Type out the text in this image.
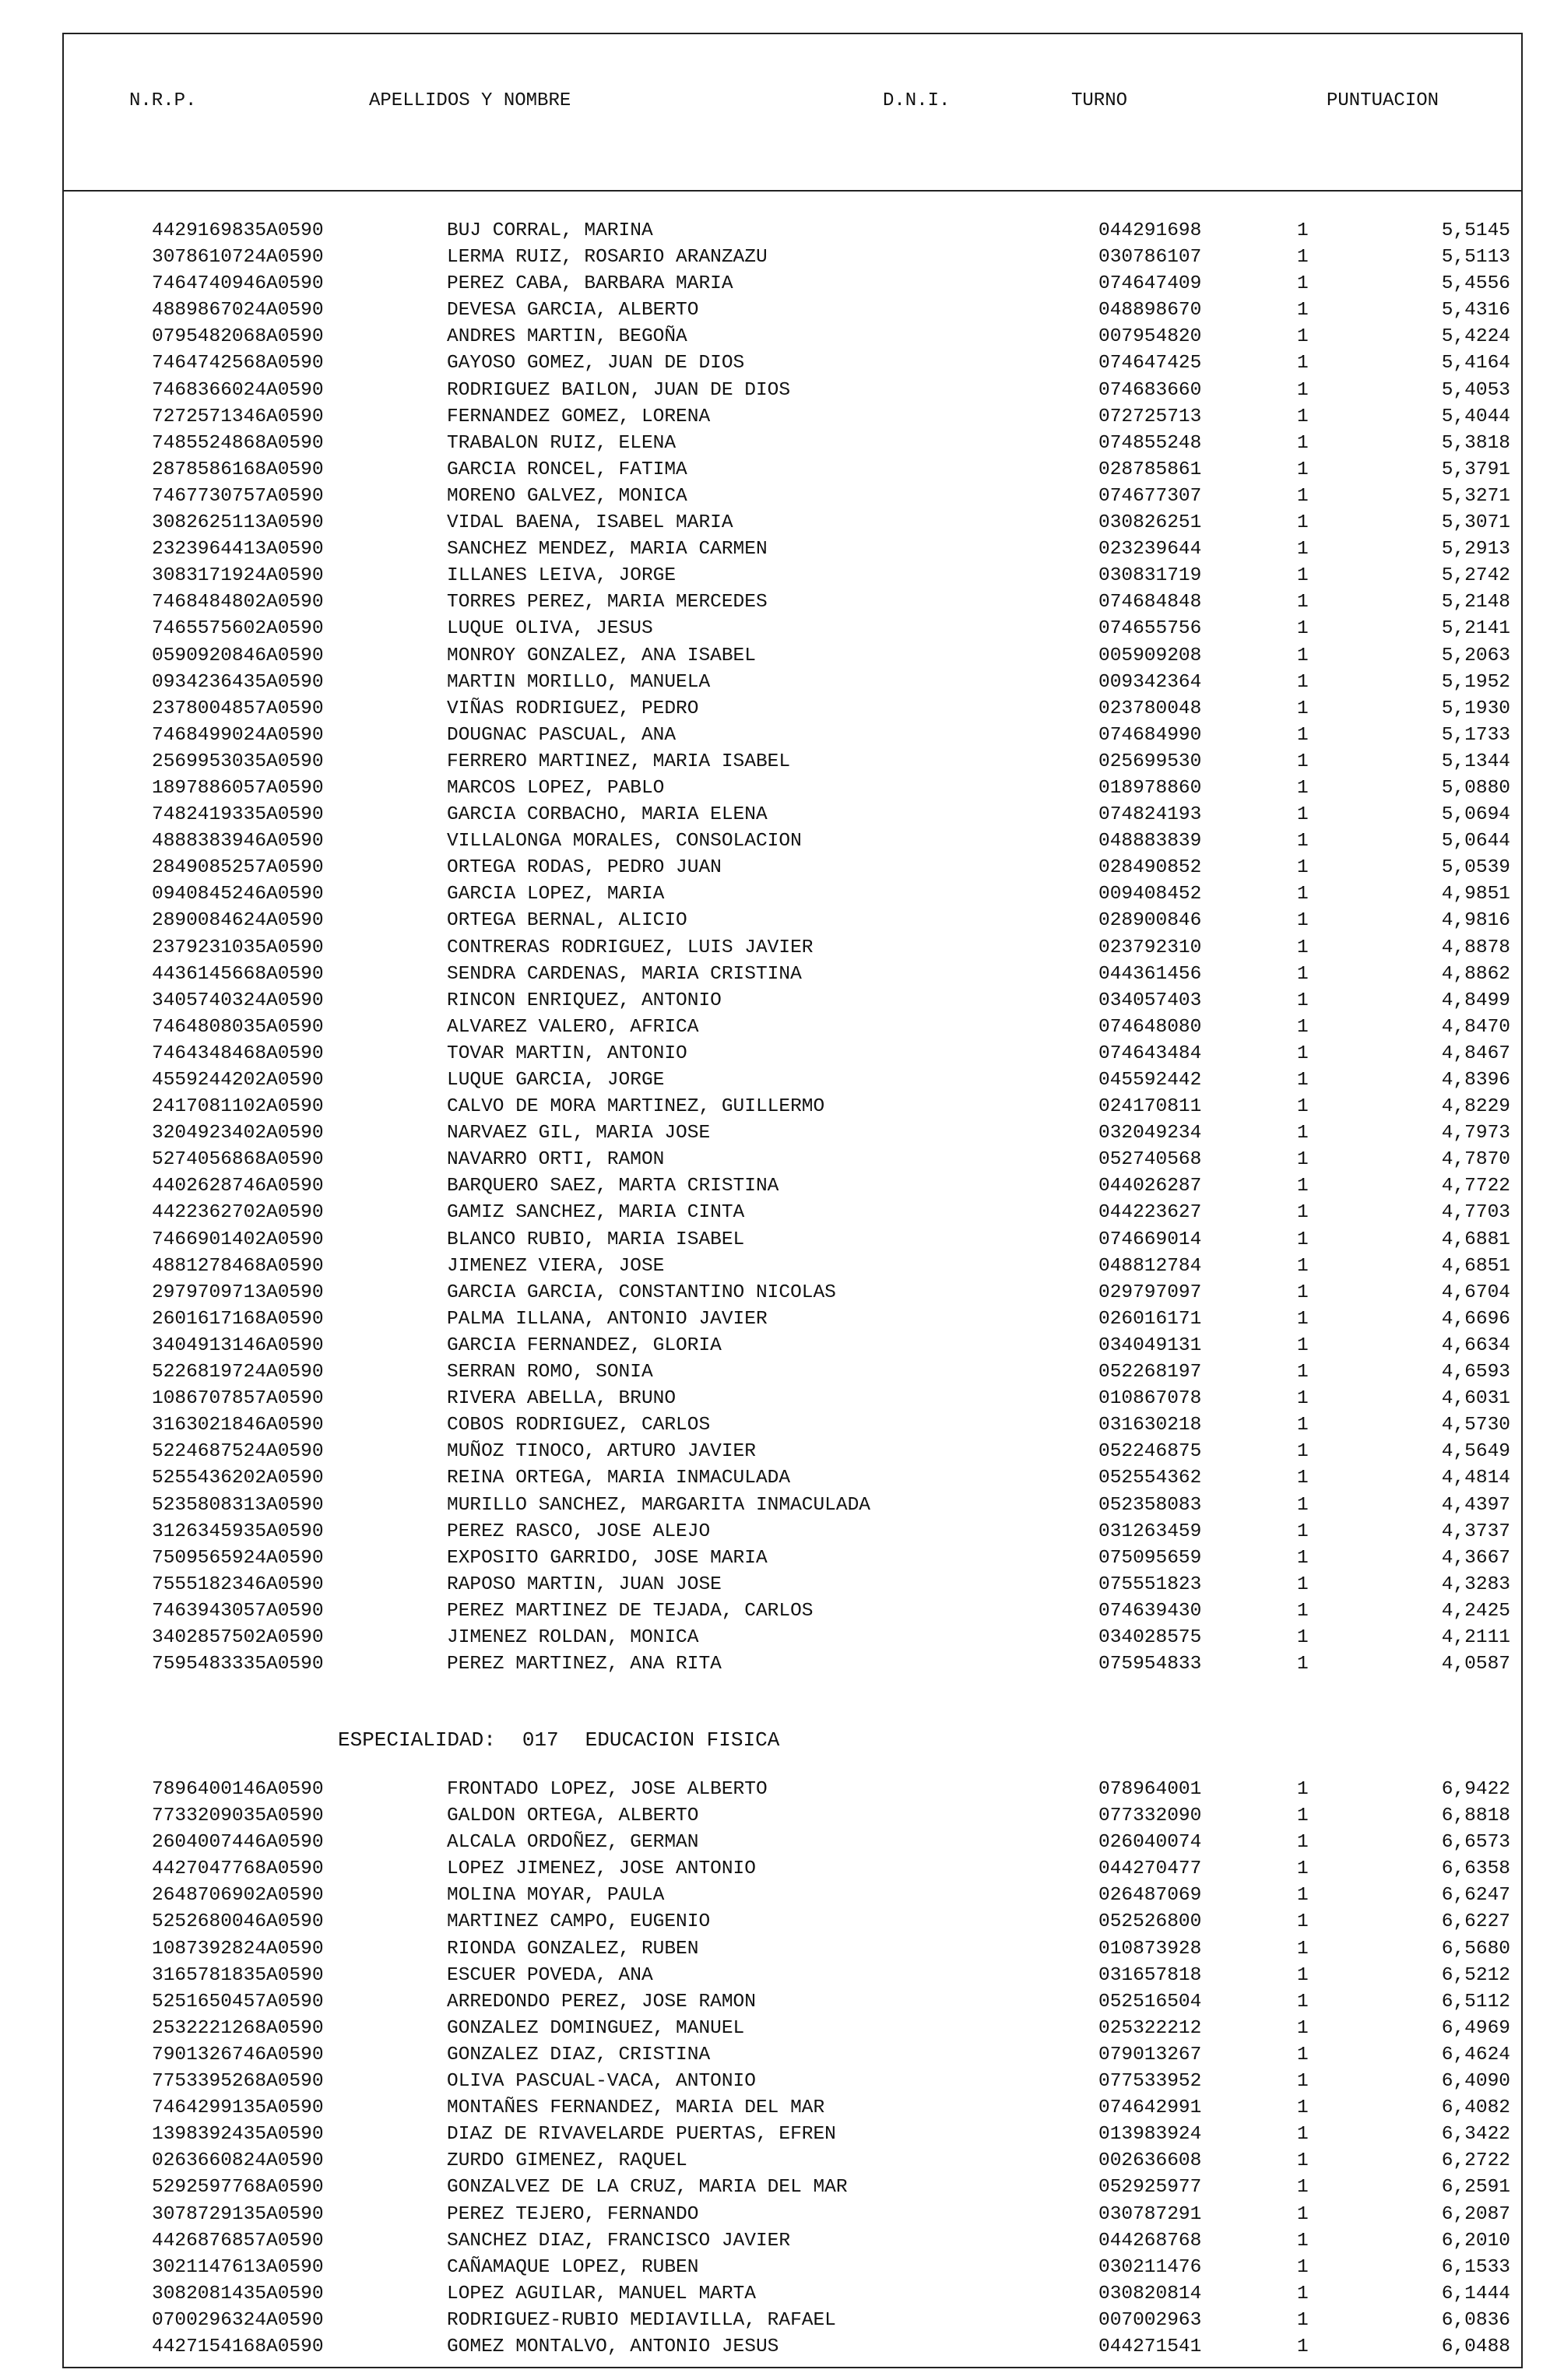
N.R.P.	APELLIDOS Y NOMBRE	D.N.I.	TURNO	PUNTUACION
4429169835A0590	BUJ CORRAL, MARINA	044291698	1	5,5145
3078610724A0590	LERMA RUIZ, ROSARIO ARANZAZU	030786107	1	5,5113
7464740946A0590	PEREZ CABA, BARBARA MARIA	074647409	1	5,4556
4889867024A0590	DEVESA GARCIA, ALBERTO	048898670	1	5,4316
0795482068A0590	ANDRES MARTIN, BEGOÑA	007954820	1	5,4224
7464742568A0590	GAYOSO GOMEZ, JUAN DE DIOS	074647425	1	5,4164
7468366024A0590	RODRIGUEZ BAILON, JUAN DE DIOS	074683660	1	5,4053
7272571346A0590	FERNANDEZ GOMEZ, LORENA	072725713	1	5,4044
7485524868A0590	TRABALON RUIZ, ELENA	074855248	1	5,3818
2878586168A0590	GARCIA RONCEL, FATIMA	028785861	1	5,3791
7467730757A0590	MORENO GALVEZ, MONICA	074677307	1	5,3271
3082625113A0590	VIDAL BAENA, ISABEL MARIA	030826251	1	5,3071
2323964413A0590	SANCHEZ MENDEZ, MARIA CARMEN	023239644	1	5,2913
3083171924A0590	ILLANES LEIVA, JORGE	030831719	1	5,2742
7468484802A0590	TORRES PEREZ, MARIA MERCEDES	074684848	1	5,2148
7465575602A0590	LUQUE OLIVA, JESUS	074655756	1	5,2141
0590920846A0590	MONROY GONZALEZ, ANA ISABEL	005909208	1	5,2063
0934236435A0590	MARTIN MORILLO, MANUELA	009342364	1	5,1952
2378004857A0590	VIÑAS RODRIGUEZ, PEDRO	023780048	1	5,1930
7468499024A0590	DOUGNAC PASCUAL, ANA	074684990	1	5,1733
2569953035A0590	FERRERO MARTINEZ, MARIA ISABEL	025699530	1	5,1344
1897886057A0590	MARCOS LOPEZ, PABLO	018978860	1	5,0880
7482419335A0590	GARCIA CORBACHO, MARIA ELENA	074824193	1	5,0694
4888383946A0590	VILLALONGA MORALES, CONSOLACION	048883839	1	5,0644
2849085257A0590	ORTEGA RODAS, PEDRO JUAN	028490852	1	5,0539
0940845246A0590	GARCIA LOPEZ, MARIA	009408452	1	4,9851
2890084624A0590	ORTEGA BERNAL, ALICIO	028900846	1	4,9816
2379231035A0590	CONTRERAS RODRIGUEZ, LUIS JAVIER	023792310	1	4,8878
4436145668A0590	SENDRA CARDENAS, MARIA CRISTINA	044361456	1	4,8862
3405740324A0590	RINCON ENRIQUEZ, ANTONIO	034057403	1	4,8499
7464808035A0590	ALVAREZ VALERO, AFRICA	074648080	1	4,8470
7464348468A0590	TOVAR MARTIN, ANTONIO	074643484	1	4,8467
4559244202A0590	LUQUE GARCIA, JORGE	045592442	1	4,8396
2417081102A0590	CALVO DE MORA MARTINEZ, GUILLERMO	024170811	1	4,8229
3204923402A0590	NARVAEZ GIL, MARIA JOSE	032049234	1	4,7973
5274056868A0590	NAVARRO ORTI, RAMON	052740568	1	4,7870
4402628746A0590	BARQUERO SAEZ, MARTA CRISTINA	044026287	1	4,7722
4422362702A0590	GAMIZ SANCHEZ, MARIA CINTA	044223627	1	4,7703
7466901402A0590	BLANCO RUBIO, MARIA ISABEL	074669014	1	4,6881
4881278468A0590	JIMENEZ VIERA, JOSE	048812784	1	4,6851
2979709713A0590	GARCIA GARCIA, CONSTANTINO NICOLAS	029797097	1	4,6704
2601617168A0590	PALMA ILLANA, ANTONIO JAVIER	026016171	1	4,6696
3404913146A0590	GARCIA FERNANDEZ, GLORIA	034049131	1	4,6634
5226819724A0590	SERRAN ROMO, SONIA	052268197	1	4,6593
1086707857A0590	RIVERA ABELLA, BRUNO	010867078	1	4,6031
3163021846A0590	COBOS RODRIGUEZ, CARLOS	031630218	1	4,5730
5224687524A0590	MUÑOZ TINOCO, ARTURO JAVIER	052246875	1	4,5649
5255436202A0590	REINA ORTEGA, MARIA INMACULADA	052554362	1	4,4814
5235808313A0590	MURILLO SANCHEZ, MARGARITA INMACULADA	052358083	1	4,4397
3126345935A0590	PEREZ RASCO, JOSE ALEJO	031263459	1	4,3737
7509565924A0590	EXPOSITO GARRIDO, JOSE MARIA	075095659	1	4,3667
7555182346A0590	RAPOSO MARTIN, JUAN JOSE	075551823	1	4,3283
7463943057A0590	PEREZ MARTINEZ DE TEJADA, CARLOS	074639430	1	4,2425
3402857502A0590	JIMENEZ ROLDAN, MONICA	034028575	1	4,2111
7595483335A0590	PEREZ MARTINEZ, ANA RITA	075954833	1	4,0587
ESPECIALIDAD: 017 EDUCACION FISICA
7896400146A0590	FRONTADO LOPEZ, JOSE ALBERTO	078964001	1	6,9422
7733209035A0590	GALDON ORTEGA, ALBERTO	077332090	1	6,8818
2604007446A0590	ALCALA ORDOÑEZ, GERMAN	026040074	1	6,6573
4427047768A0590	LOPEZ JIMENEZ, JOSE ANTONIO	044270477	1	6,6358
2648706902A0590	MOLINA MOYAR, PAULA	026487069	1	6,6247
5252680046A0590	MARTINEZ CAMPO, EUGENIO	052526800	1	6,6227
1087392824A0590	RIONDA GONZALEZ, RUBEN	010873928	1	6,5680
3165781835A0590	ESCUER POVEDA, ANA	031657818	1	6,5212
5251650457A0590	ARREDONDO PEREZ, JOSE RAMON	052516504	1	6,5112
2532221268A0590	GONZALEZ DOMINGUEZ, MANUEL	025322212	1	6,4969
7901326746A0590	GONZALEZ DIAZ, CRISTINA	079013267	1	6,4624
7753395268A0590	OLIVA PASCUAL-VACA, ANTONIO	077533952	1	6,4090
7464299135A0590	MONTAÑES FERNANDEZ, MARIA DEL MAR	074642991	1	6,4082
1398392435A0590	DIAZ DE RIVAVELARDE PUERTAS, EFREN	013983924	1	6,3422
0263660824A0590	ZURDO GIMENEZ, RAQUEL	002636608	1	6,2722
5292597768A0590	GONZALVEZ DE LA CRUZ, MARIA DEL MAR	052925977	1	6,2591
3078729135A0590	PEREZ TEJERO, FERNANDO	030787291	1	6,2087
4426876857A0590	SANCHEZ DIAZ, FRANCISCO JAVIER	044268768	1	6,2010
3021147613A0590	CAÑAMAQUE LOPEZ, RUBEN	030211476	1	6,1533
3082081435A0590	LOPEZ AGUILAR, MANUEL MARTA	030820814	1	6,1444
0700296324A0590	RODRIGUEZ-RUBIO MEDIAVILLA, RAFAEL	007002963	1	6,0836
4427154168A0590	GOMEZ MONTALVO, ANTONIO JESUS	044271541	1	6,0488
